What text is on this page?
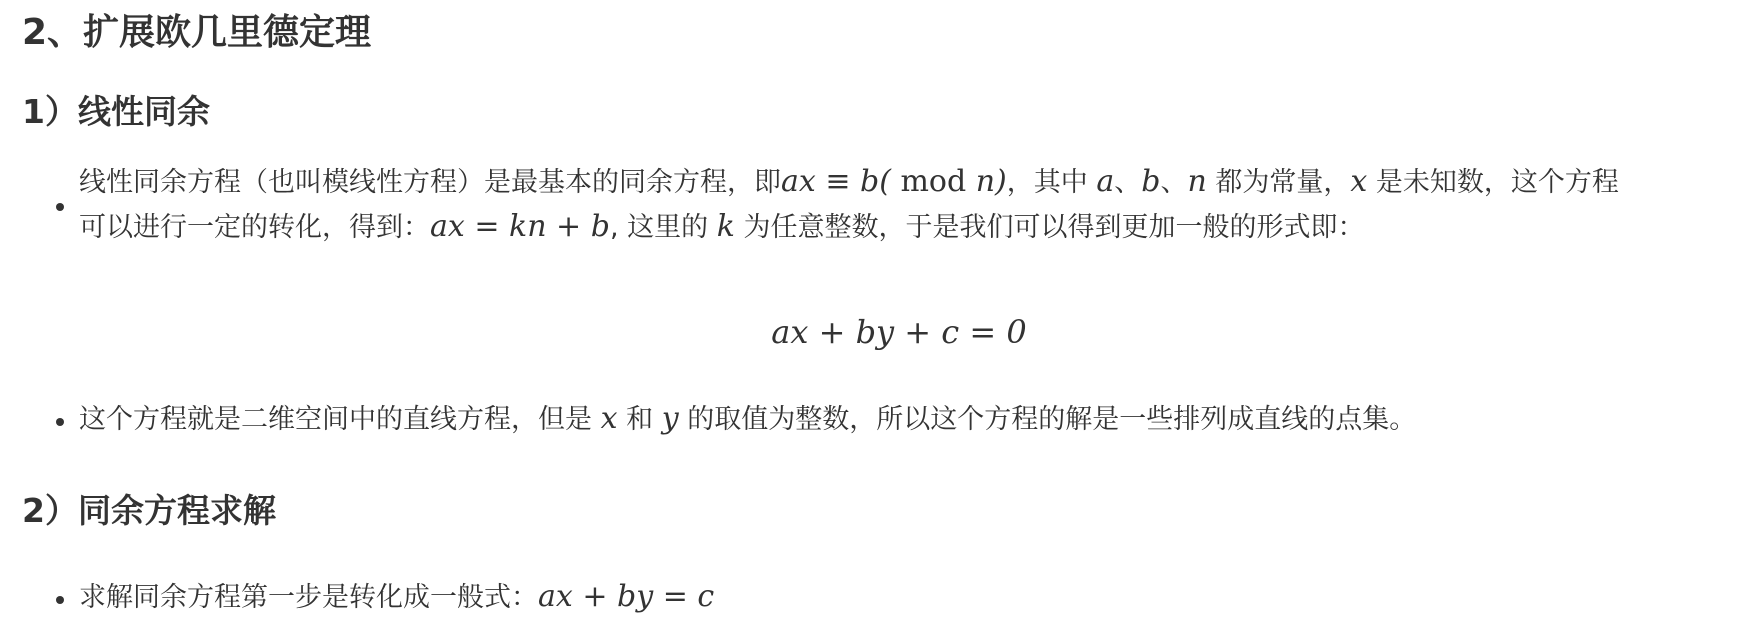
2、扩展欧几里德定理
1）线性同余

线性同余方程（也叫模线性方程）是最基本的同余方程，即ax ≡ b( mod n)，其中 a、b、n 都为常量，x 是未知数，这个方程
可以进行一定的转化，得到：ax = kn + b, 这里的 k 为任意整数，于是我们可以得到更加一般的形式即：

ax + by + c = 0

这个方程就是二维空间中的直线方程，但是 x 和 y 的取值为整数，所以这个方程的解是一些排列成直线的点集。

2）同余方程求解

求解同余方程第一步是转化成一般式：ax + by = c
